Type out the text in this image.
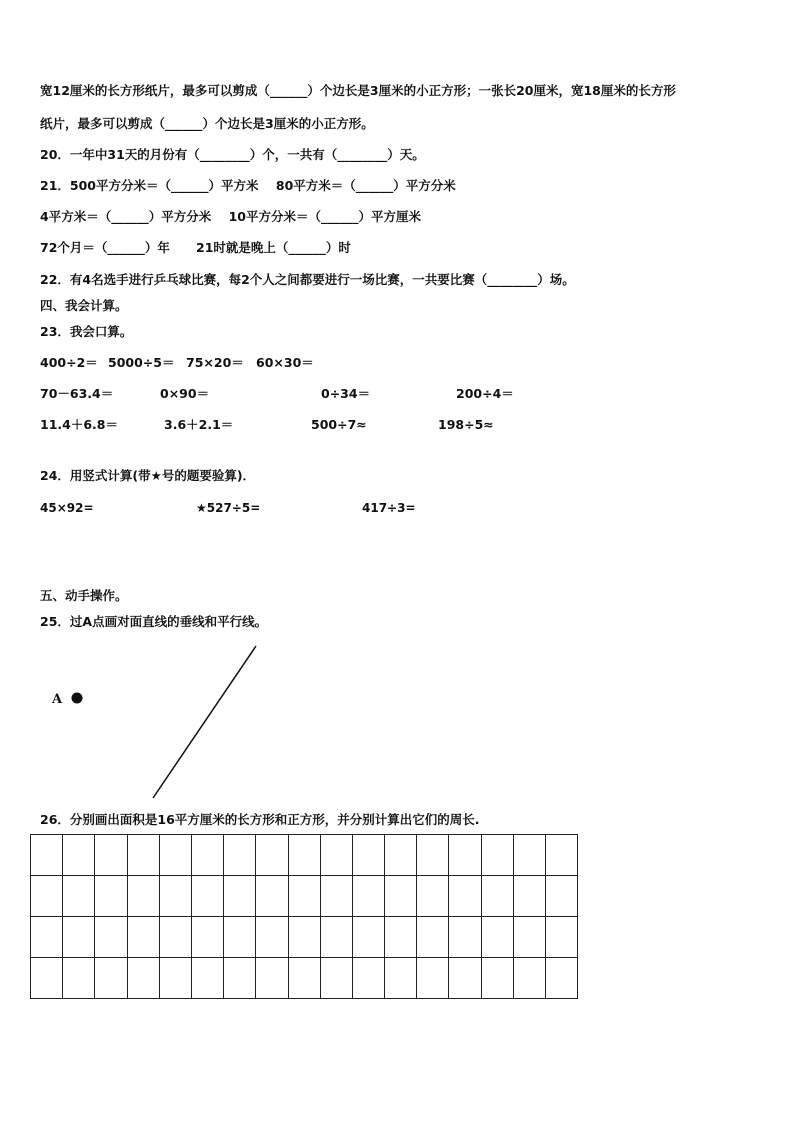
宽12厘米的长方形纸片，最多可以剪成（______）个边长是3厘米的小正方形；一张长20厘米，宽18厘米的长方形
纸片，最多可以剪成（______）个边长是3厘米的小正方形。
20．一年中31天的月份有（________）个，一共有（________）天。
21．500平方分米＝（______）平方米    80平方米＝（______）平方分米
4平方米＝（______）平方分米    10平方分米＝（______）平方厘米
72个月＝（______）年      21时就是晚上（______）时
22．有4名选手进行乒乓球比赛，每2个人之间都要进行一场比赛，一共要比赛（________）场。
四、我会计算。
23．我会口算。
400÷2＝ 5000÷5＝ 75×20＝ 60×30＝
70－63.4＝	0×90＝	0÷34＝	200÷4＝
11.4＋6.8＝	3.6＋2.1＝	500÷7≈	198÷5≈
24．用竖式计算(带★号的题要验算)．
45×92=	★527÷5=	417÷3=
五、动手操作。
25．过A点画对面直线的垂线和平行线。
A
26．分别画出面积是16平方厘米的长方形和正方形，并分别计算出它们的周长.
